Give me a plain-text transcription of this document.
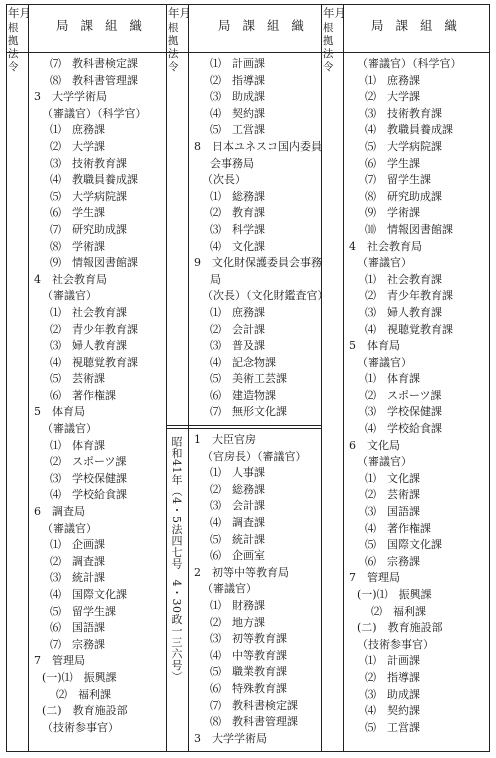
年月
根拠法令
局 課 組 織
年月
根拠法令
局 課 組 織
年月
根拠法令
局 課 組 織
⑺　教科書検定課
⑻　教科書管理課
3　大学学術局
（審議官）（科学官）
⑴　庶務課
⑵　大学課
⑶　技術教育課
⑷　教職員養成課
⑸　大学病院課
⑹　学生課
⑺　研究助成課
⑻　学術課
⑼　情報図書館課
4　社会教育局
（審議官）
⑴　社会教育課
⑵　青少年教育課
⑶　婦人教育課
⑷　視聴覚教育課
⑸　芸術課
⑹　著作権課
5　体育局
（審議官）
⑴　体育課
⑵　スポーツ課
⑶　学校保健課
⑷　学校給食課
6　調査局
（審議官）
⑴　企画課
⑵　調査課
⑶　統計課
⑷　国際文化課
⑸　留学生課
⑹　国語課
⑺　宗務課
7　管理局
(一)⑴　振興課
⑵　福利課
(二)　教育施設部
（技術参事官）
⑴　計画課
⑵　指導課
⑶　助成課
⑷　契約課
⑸　工営課
8　日本ユネスコ国内委員
会事務局
（次長）
⑴　総務課
⑵　教育課
⑶　科学課
⑷　文化課
9　文化財保護委員会事務
局
（次長）（文化財鑑査官）
⑴　庶務課
⑵　会計課
⑶　普及課
⑷　記念物課
⑸　美術工芸課
⑹　建造物課
⑺　無形文化課
1　大臣官房
（官房長）（審議官）
⑴　人事課
⑵　総務課
⑶　会計課
⑷　調査課
⑸　統計課
⑹　企画室
2　初等中等教育局
（審議官）
⑴　財務課
⑵　地方課
⑶　初等教育課
⑷　中等教育課
⑸　職業教育課
⑹　特殊教育課
⑺　教科書検定課
⑻　教科書管理課
3　大学学術局
昭和41年（4・5法四七号4・30政一三六号）
（審議官）（科学官）
⑴　庶務課
⑵　大学課
⑶　技術教育課
⑷　教職員養成課
⑸　大学病院課
⑹　学生課
⑺　留学生課
⑻　研究助成課
⑼　学術課
⑽　情報図書館課
4　社会教育局
（審議官）
⑴　社会教育課
⑵　青少年教育課
⑶　婦人教育課
⑷　視聴覚教育課
5　体育局
（審議官）
⑴　体育課
⑵　スポーツ課
⑶　学校保健課
⑷　学校給食課
6　文化局
（審議官）
⑴　文化課
⑵　芸術課
⑶　国語課
⑷　著作権課
⑸　国際文化課
⑹　宗務課
7　管理局
(一)⑴　振興課
⑵　福利課
(二)　教育施設部
（技術参事官）
⑴　計画課
⑵　指導課
⑶　助成課
⑷　契約課
⑸　工営課
